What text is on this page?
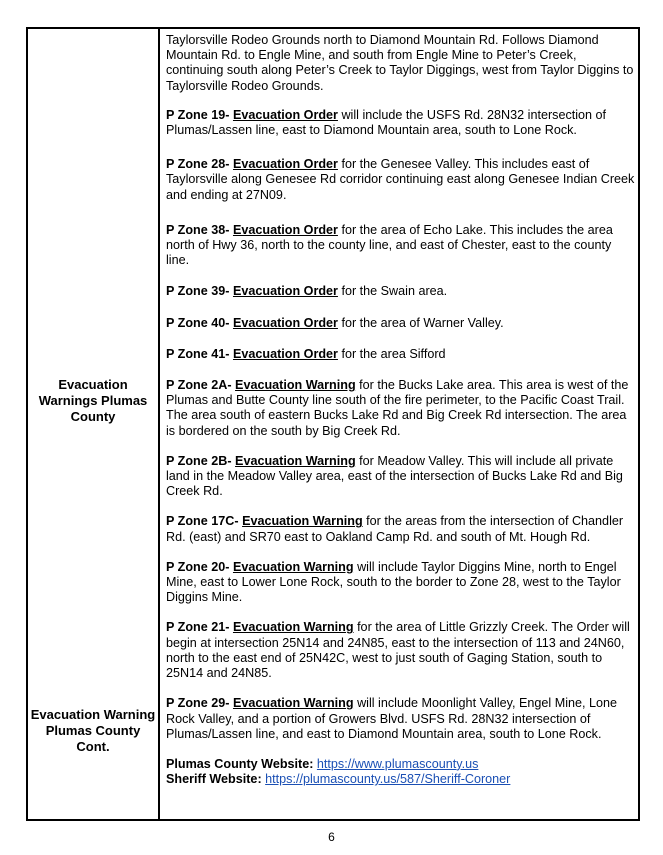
Evacuation Warnings Plumas County
Evacuation Warning Plumas County Cont.

Taylorsville Rodeo Grounds north to Diamond Mountain Rd. Follows Diamond Mountain Rd. to Engle Mine, and south from Engle Mine to Peter’s Creek, continuing south along Peter’s Creek to Taylor Diggings, west from Taylor Diggins to Taylorsville Rodeo Grounds.

P Zone 19- Evacuation Order will include the USFS Rd. 28N32 intersection of Plumas/Lassen line, east to Diamond Mountain area, south to Lone Rock.

P Zone 28- Evacuation Order for the Genesee Valley. This includes east of Taylorsville along Genesee Rd corridor continuing east along Genesee Indian Creek and ending at 27N09.

P Zone 38- Evacuation Order for the area of Echo Lake. This includes the area north of Hwy 36, north to the county line, and east of Chester, east to the county line.

P Zone 39- Evacuation Order for the Swain area.

P Zone 40- Evacuation Order for the area of Warner Valley.

P Zone 41- Evacuation Order for the area Sifford

P Zone 2A- Evacuation Warning for the Bucks Lake area. This area is west of the Plumas and Butte County line south of the fire perimeter, to the Pacific Coast Trail. The area south of eastern Bucks Lake Rd and Big Creek Rd intersection. The area is bordered on the south by Big Creek Rd.

P Zone 2B- Evacuation Warning for Meadow Valley. This will include all private land in the Meadow Valley area, east of the intersection of Bucks Lake Rd and Big Creek Rd.

P Zone 17C- Evacuation Warning for the areas from the intersection of Chandler Rd. (east) and SR70 east to Oakland Camp Rd. and south of Mt. Hough Rd.

P Zone 20- Evacuation Warning will include Taylor Diggins Mine, north to Engel Mine, east to Lower Lone Rock, south to the border to Zone 28, west to the Taylor Diggins Mine.

P Zone 21- Evacuation Warning for the area of Little Grizzly Creek. The Order will begin at intersection 25N14 and 24N85, east to the intersection of 113 and 24N60, north to the east end of 25N42C, west to just south of Gaging Station, south to 25N14 and 24N85.

P Zone 29- Evacuation Warning will include Moonlight Valley, Engel Mine, Lone Rock Valley, and a portion of Growers Blvd. USFS Rd. 28N32 intersection of Plumas/Lassen line, and east to Diamond Mountain area, south to Lone Rock.

Plumas County Website: https://www.plumascounty.us

Sheriff Website: https://plumascounty.us/587/Sheriff-Coroner

6
